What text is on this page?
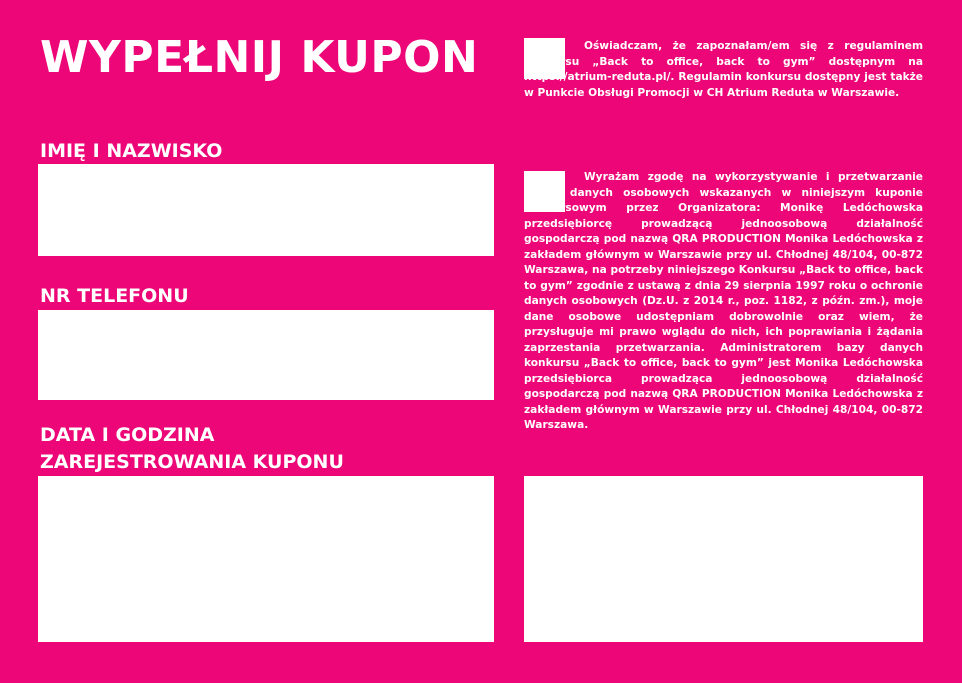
WYPEŁNIJ KUPON
IMIĘ I NAZWISKO
NR TELEFONU
DATA I GODZINA
ZAREJESTROWANIA KUPONU

Oświadczam, że zapoznałam/em się z regulaminem konkursu „Back to office, back to gym” dostępnym na https://atrium-reduta.pl/. Regulamin konkursu dostępny jest także w Punkcie Obsługi Promocji w CH Atrium Reduta w Warszawie.

Wyrażam zgodę na wykorzystywanie i przetwarzanie moich danych osobowych wskazanych w niniejszym kuponie konkursowym przez Organizatora: Monikę Ledóchowska przedsiębiorcę prowadzącą jednoosobową działalność gospodarczą pod nazwą QRA PRODUCTION Monika Ledóchowska z zakładem głównym w Warszawie przy ul. Chłodnej 48/104, 00-872 Warszawa, na potrzeby niniejszego Konkursu „Back to office, back to gym” zgodnie z ustawą z dnia 29 sierpnia 1997 roku o ochronie danych osobowych (Dz.U. z 2014 r., poz. 1182, z późn. zm.), moje dane osobowe udostępniam dobrowolnie oraz wiem, że przysługuje mi prawo wglądu do nich, ich poprawiania i żądania zaprzestania przetwarzania. Administratorem bazy danych konkursu „Back to office, back to gym” jest Monika Ledóchowska przedsiębiorca prowadząca jednoosobową działalność gospodarczą pod nazwą QRA PRODUCTION Monika Ledóchowska z zakładem głównym w Warszawie przy ul. Chłodnej 48/104, 00-872 Warszawa.
